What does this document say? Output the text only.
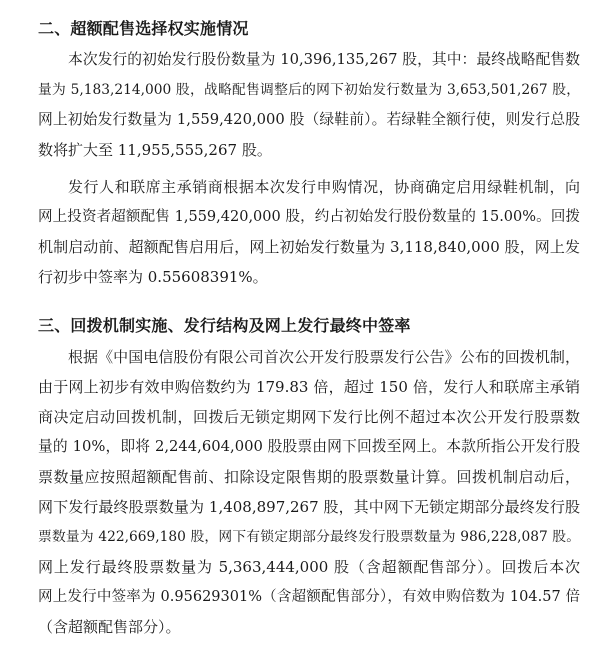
二、超额配售选择权实施情况
本次发行的初始发行股份数量为 10,396,135,267 股，其中：最终战略配售数
量为 5,183,214,000 股，战略配售调整后的网下初始发行数量为 3,653,501,267 股，
网上初始发行数量为 1,559,420,000 股（绿鞋前）。若绿鞋全额行使，则发行总股
数将扩大至 11,955,555,267 股。
发行人和联席主承销商根据本次发行申购情况，协商确定启用绿鞋机制，向
网上投资者超额配售 1,559,420,000 股，约占初始发行股份数量的 15.00%。回拨
机制启动前、超额配售启用后，网上初始发行数量为 3,118,840,000 股，网上发
行初步中签率为 0.55608391%。
三、回拨机制实施、发行结构及网上发行最终中签率
根据《中国电信股份有限公司首次公开发行股票发行公告》公布的回拨机制，
由于网上初步有效申购倍数约为 179.83 倍，超过 150 倍，发行人和联席主承销
商决定启动回拨机制，回拨后无锁定期网下发行比例不超过本次公开发行股票数
量的 10%，即将 2,244,604,000 股股票由网下回拨至网上。本款所指公开发行股
票数量应按照超额配售前、扣除设定限售期的股票数量计算。回拨机制启动后，
网下发行最终股票数量为 1,408,897,267 股，其中网下无锁定期部分最终发行股
票数量为 422,669,180 股，网下有锁定期部分最终发行股票数量为 986,228,087 股。
网上发行最终股票数量为 5,363,444,000 股（含超额配售部分）。回拨后本次
网上发行中签率为 0.95629301%（含超额配售部分），有效申购倍数为 104.57 倍
（含超额配售部分）。
